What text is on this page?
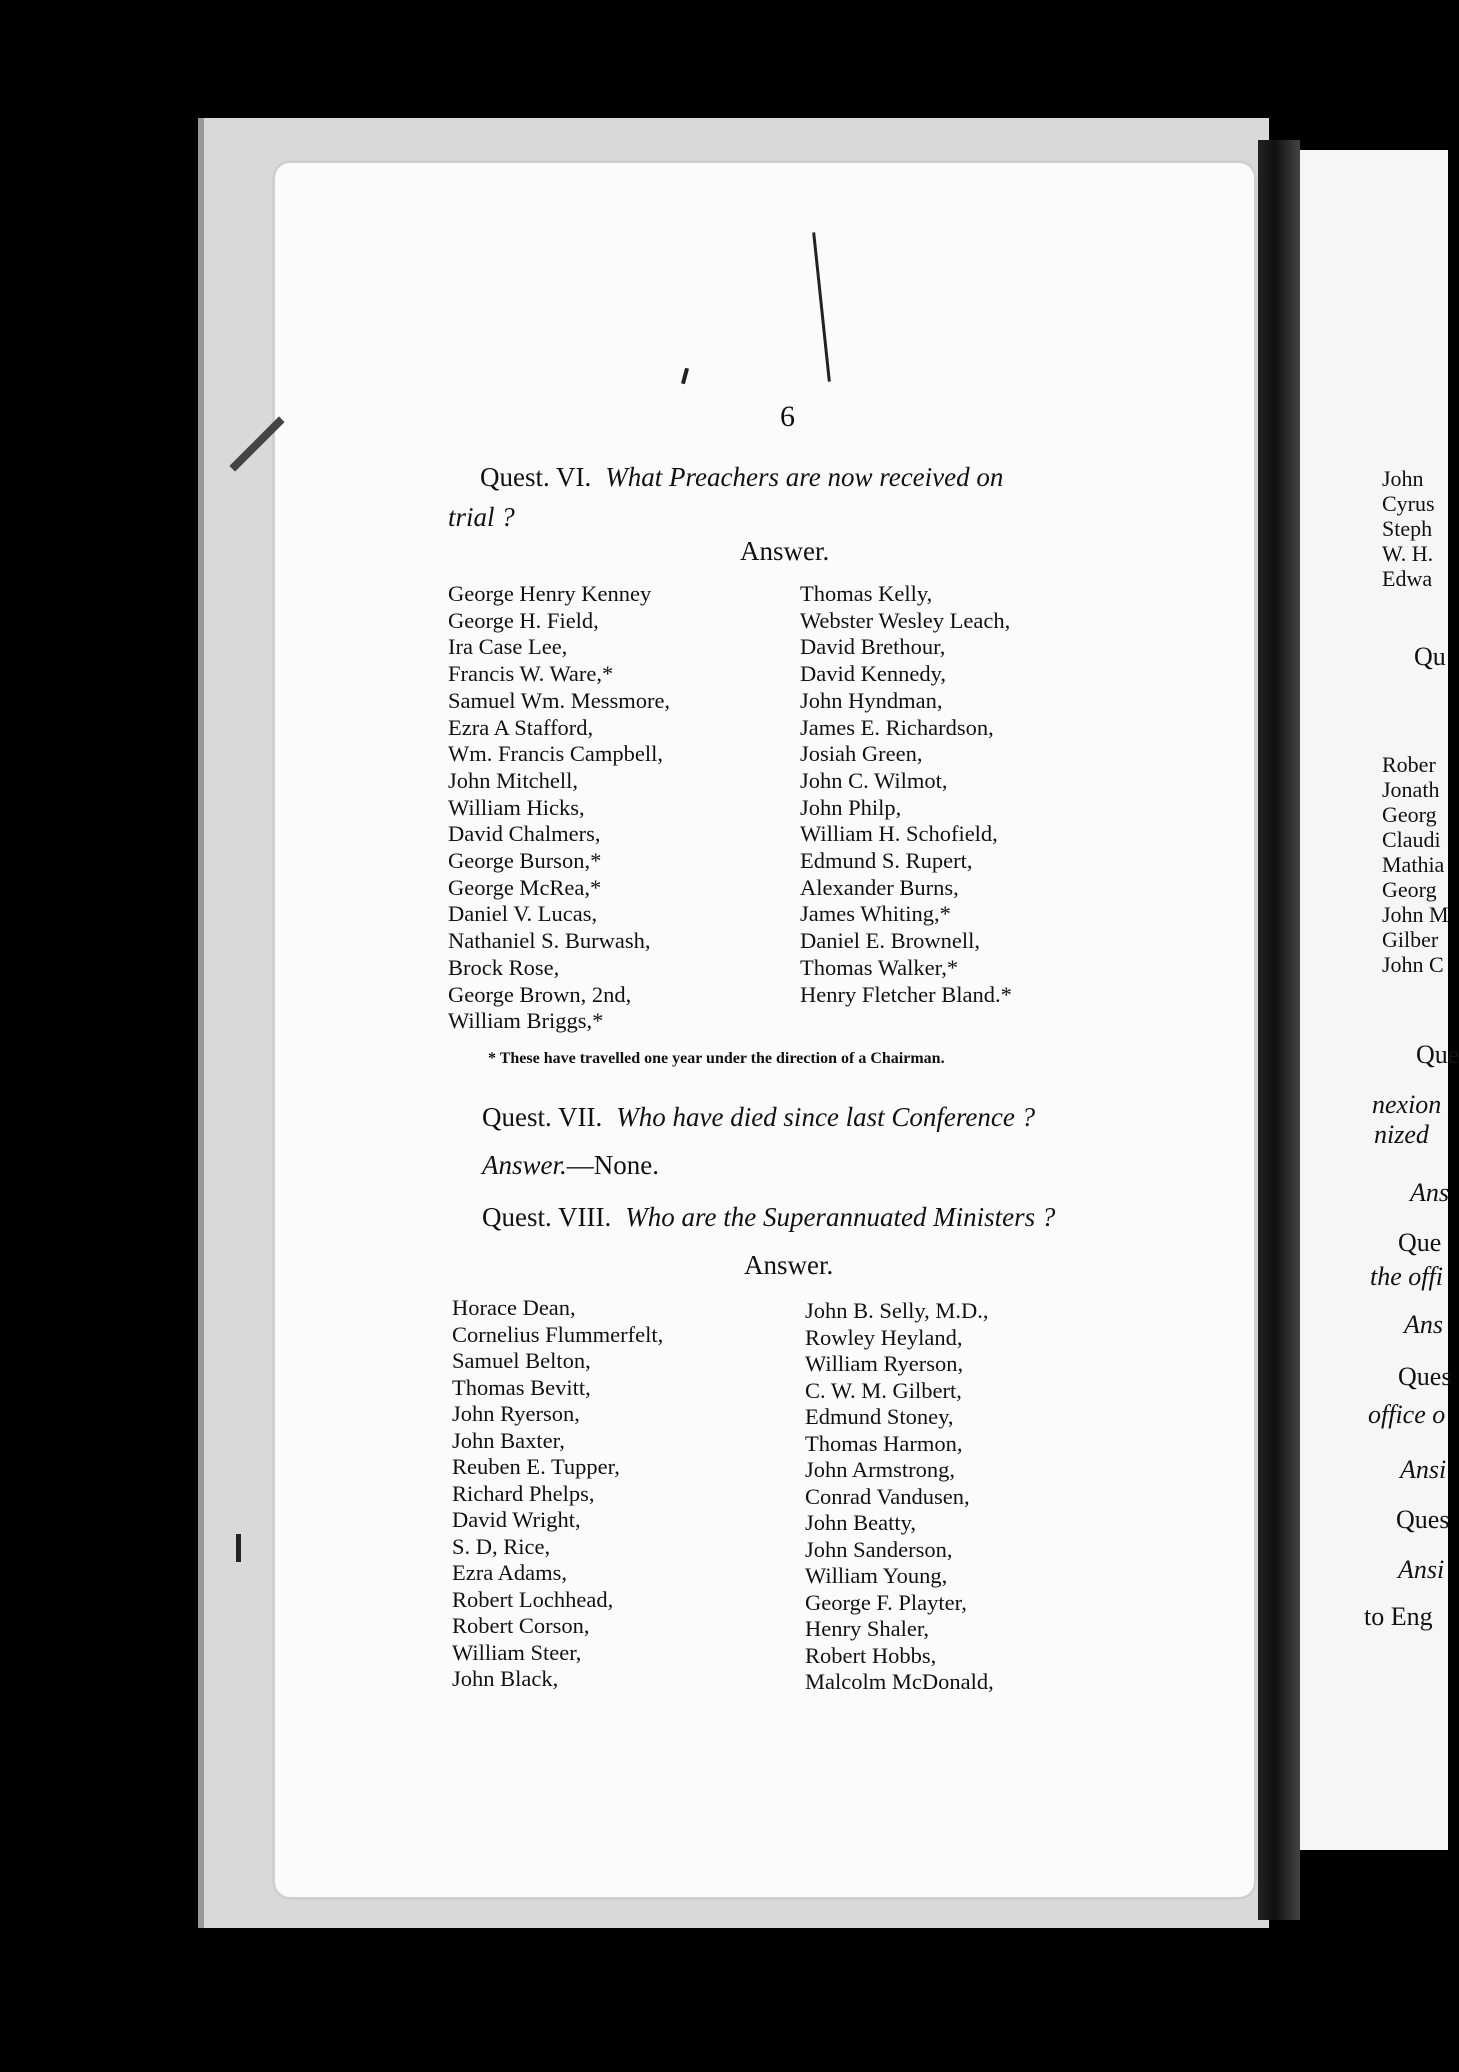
6
Quest. VI. What Preachers are now received on
trial ?
Answer.
George Henry Kenney
George H. Field,
Ira Case Lee,
Francis W. Ware,*
Samuel Wm. Messmore,
Ezra A Stafford,
Wm. Francis Campbell,
John Mitchell,
William Hicks,
David Chalmers,
George Burson,*
George McRea,*
Daniel V. Lucas,
Nathaniel S. Burwash,
Brock Rose,
George Brown, 2nd,
William Briggs,*
Thomas Kelly,
Webster Wesley Leach,
David Brethour,
David Kennedy,
John Hyndman,
James E. Richardson,
Josiah Green,
John C. Wilmot,
John Philp,
William H. Schofield,
Edmund S. Rupert,
Alexander Burns,
James Whiting,*
Daniel E. Brownell,
Thomas Walker,*
Henry Fletcher Bland.*
* These have travelled one year under the direction of a Chairman.
Quest. VII. Who have died since last Conference ?
Answer.—None.
Quest. VIII. Who are the Superannuated Ministers ?
Answer.
Horace Dean,
Cornelius Flummerfelt,
Samuel Belton,
Thomas Bevitt,
John Ryerson,
John Baxter,
Reuben E. Tupper,
Richard Phelps,
David Wright,
S. D, Rice,
Ezra Adams,
Robert Lochhead,
Robert Corson,
William Steer,
John Black,
John B. Selly, M.D.,
Rowley Heyland,
William Ryerson,
C. W. M. Gilbert,
Edmund Stoney,
Thomas Harmon,
John Armstrong,
Conrad Vandusen,
John Beatty,
John Sanderson,
William Young,
George F. Playter,
Henry Shaler,
Robert Hobbs,
Malcolm McDonald,
John
Cyrus
Steph
W. H.
Edwa
Qu
Rober
Jonath
Georg
Claudi
Mathia
Georg
John M
Gilber
John C
Que
nexion
nized
Ans
Que
the offi
Ans
Ques
office o
Ansi
Ques
Ansi
to Eng
